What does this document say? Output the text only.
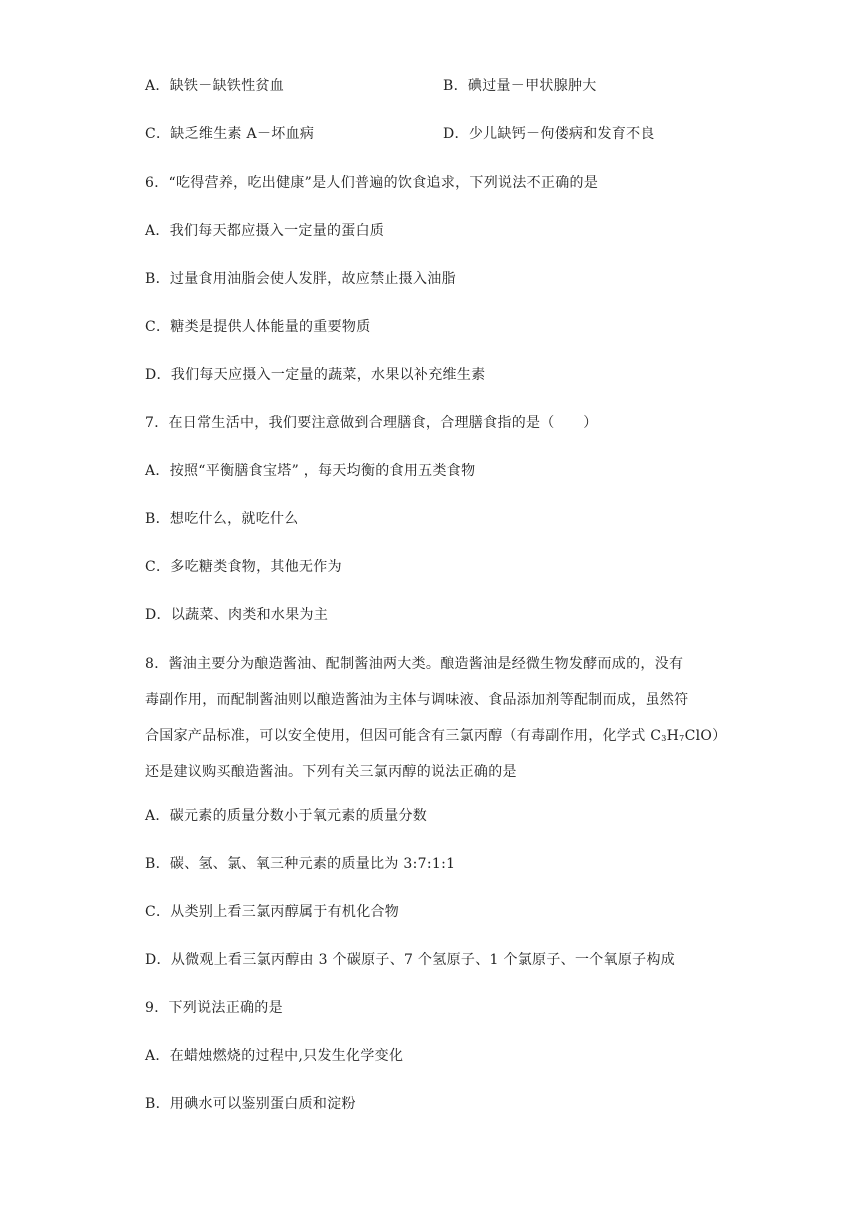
A．缺铁－缺铁性贫血	B．碘过量－甲状腺肿大
C．缺乏维生素 A－坏血病	D．少儿缺钙－佝偻病和发育不良
6．“吃得营养，吃出健康”是人们普遍的饮食追求，下列说法不正确的是
A．我们每天都应摄入一定量的蛋白质
B．过量食用油脂会使人发胖，故应禁止摄入油脂
C．糖类是提供人体能量的重要物质
D．我们每天应摄入一定量的蔬菜，水果以补充维生素
7．在日常生活中，我们要注意做到合理膳食，合理膳食指的是（　　）
A．按照“平衡膳食宝塔” ，每天均衡的食用五类食物
B．想吃什么，就吃什么
C．多吃糖类食物，其他无作为
D．以蔬菜、肉类和水果为主
8．酱油主要分为酿造酱油、配制酱油两大类。酿造酱油是经微生物发酵而成的，没有
毒副作用，而配制酱油则以酿造酱油为主体与调味液、食品添加剂等配制而成，虽然符
合国家产品标准，可以安全使用，但因可能含有三氯丙醇（有毒副作用，化学式 C3H7ClO）
还是建议购买酿造酱油。下列有关三氯丙醇的说法正确的是
A．碳元素的质量分数小于氧元素的质量分数
B．碳、氢、氯、氧三种元素的质量比为 3:7:1:1
C．从类别上看三氯丙醇属于有机化合物
D．从微观上看三氯丙醇由 3 个碳原子、7 个氢原子、1 个氯原子、一个氧原子构成
9．下列说法正确的是
A．在蜡烛燃烧的过程中,只发生化学变化
B．用碘水可以鉴别蛋白质和淀粉
